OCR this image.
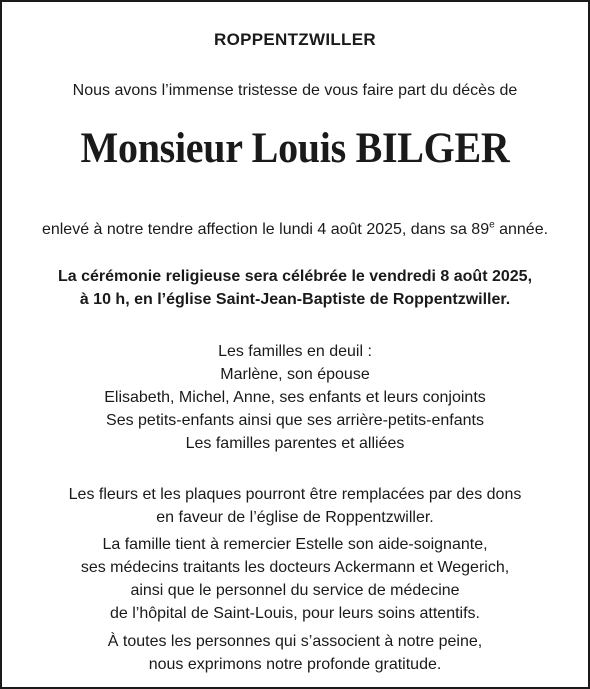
ROPPENTZWILLER
Nous avons l’immense tristesse de vous faire part du décès de
Monsieur Louis BILGER
enlevé à notre tendre affection le lundi 4 août 2025, dans sa 89e année.
La cérémonie religieuse sera célébrée le vendredi 8 août 2025,
à 10 h, en l’église Saint-Jean-Baptiste de Roppentzwiller.
Les familles en deuil :
Marlène, son épouse
Elisabeth, Michel, Anne, ses enfants et leurs conjoints
Ses petits-enfants ainsi que ses arrière-petits-enfants
Les familles parentes et alliées
Les fleurs et les plaques pourront être remplacées par des dons
en faveur de l’église de Roppentzwiller.
La famille tient à remercier Estelle son aide-soignante,
ses médecins traitants les docteurs Ackermann et Wegerich,
ainsi que le personnel du service de médecine
de l’hôpital de Saint-Louis, pour leurs soins attentifs.
À toutes les personnes qui s’associent à notre peine,
nous exprimons notre profonde gratitude.
